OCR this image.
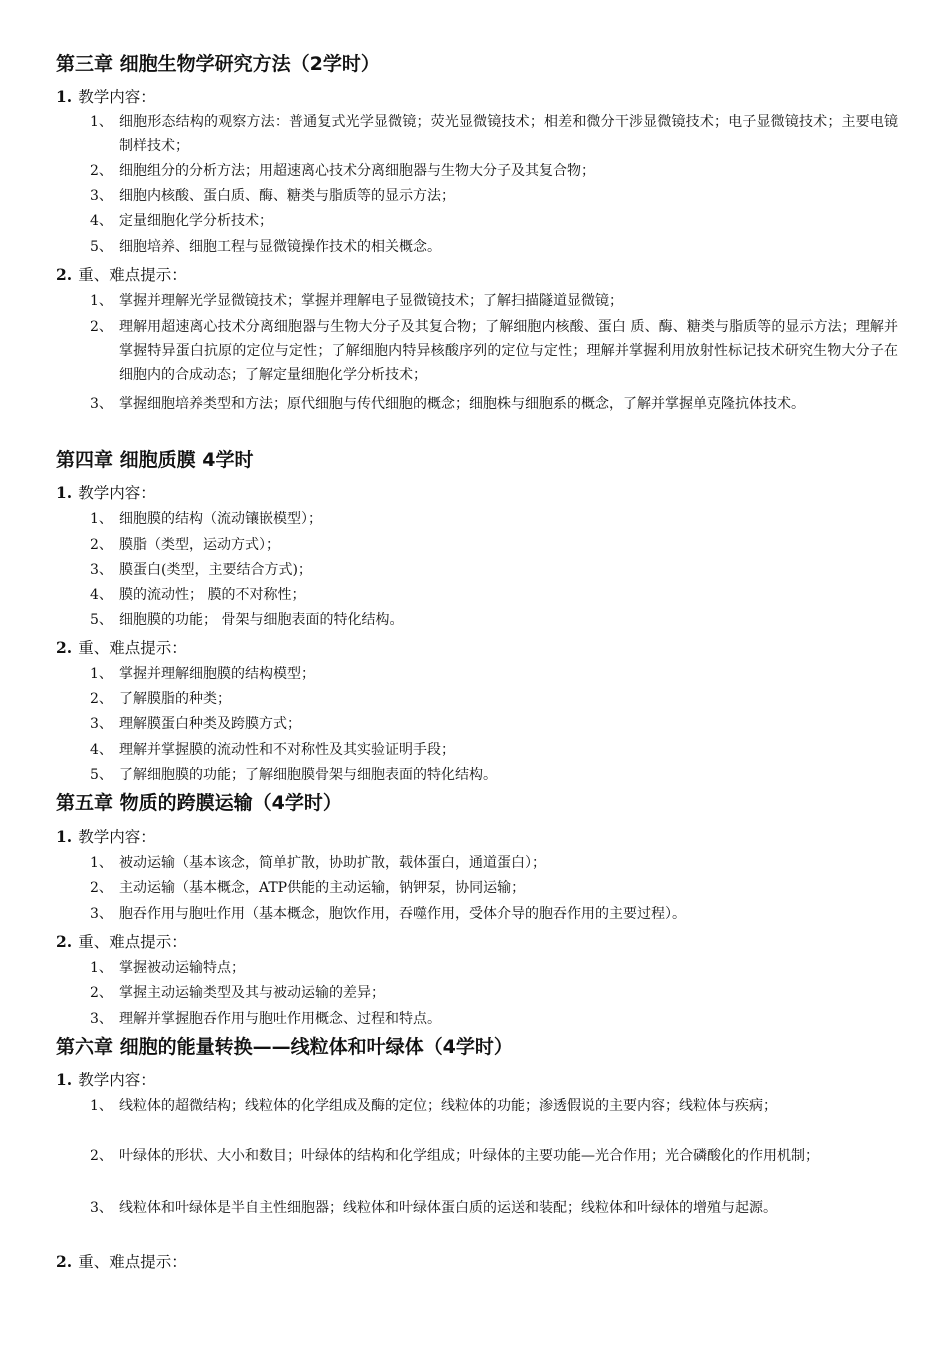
第三章 细胞生物学研究方法（2学时）
1. 教学内容：
1、 细胞形态结构的观察方法：普通复式光学显微镜；荧光显微镜技术；相差和微分干涉显微镜技术；电子显微镜技术；主要电镜制样技术；
2、 细胞组分的分析方法；用超速离心技术分离细胞器与生物大分子及其复合物；
3、 细胞内核酸、蛋白质、酶、糖类与脂质等的显示方法；
4、 定量细胞化学分析技术；
5、 细胞培养、细胞工程与显微镜操作技术的相关概念。
2. 重、难点提示：
1、 掌握并理解光学显微镜技术；掌握并理解电子显微镜技术；了解扫描隧道显微镜；
2、 理解用超速离心技术分离细胞器与生物大分子及其复合物；了解细胞内核酸、蛋白 质、酶、糖类与脂质等的显示方法；理解并掌握特异蛋白抗原的定位与定性；了解细胞内特异核酸序列的定位与定性；理解并掌握利用放射性标记技术研究生物大分子在细胞内的合成动态；了解定量细胞化学分析技术；
3、 掌握细胞培养类型和方法；原代细胞与传代细胞的概念；细胞株与细胞系的概念，了解并掌握单克隆抗体技术。
第四章 细胞质膜 4学时
1. 教学内容：
1、 细胞膜的结构（流动镶嵌模型）；
2、 膜脂（类型，运动方式）；
3、 膜蛋白(类型，主要结合方式)；
4、 膜的流动性； 膜的不对称性；
5、 细胞膜的功能； 骨架与细胞表面的特化结构。
2. 重、难点提示：
1、 掌握并理解细胞膜的结构模型；
2、 了解膜脂的种类；
3、 理解膜蛋白种类及跨膜方式；
4、 理解并掌握膜的流动性和不对称性及其实验证明手段；
5、 了解细胞膜的功能；了解细胞膜骨架与细胞表面的特化结构。
第五章 物质的跨膜运输（4学时）
1. 教学内容：
1、 被动运输（基本该念，简单扩散，协助扩散，载体蛋白，通道蛋白）；
2、 主动运输（基本概念，ATP供能的主动运输，钠钾泵，协同运输；
3、 胞吞作用与胞吐作用（基本概念，胞饮作用，吞噬作用，受体介导的胞吞作用的主要过程）。
2. 重、难点提示：
1、 掌握被动运输特点；
2、 掌握主动运输类型及其与被动运输的差异；
3、 理解并掌握胞吞作用与胞吐作用概念、过程和特点。
第六章 细胞的能量转换——线粒体和叶绿体（4学时）
1. 教学内容：
1、 线粒体的超微结构；线粒体的化学组成及酶的定位；线粒体的功能；渗透假说的主要内容；线粒体与疾病；
2、 叶绿体的形状、大小和数目；叶绿体的结构和化学组成；叶绿体的主要功能—光合作用；光合磷酸化的作用机制；
3、 线粒体和叶绿体是半自主性细胞器；线粒体和叶绿体蛋白质的运送和装配；线粒体和叶绿体的增殖与起源。
2. 重、难点提示：
